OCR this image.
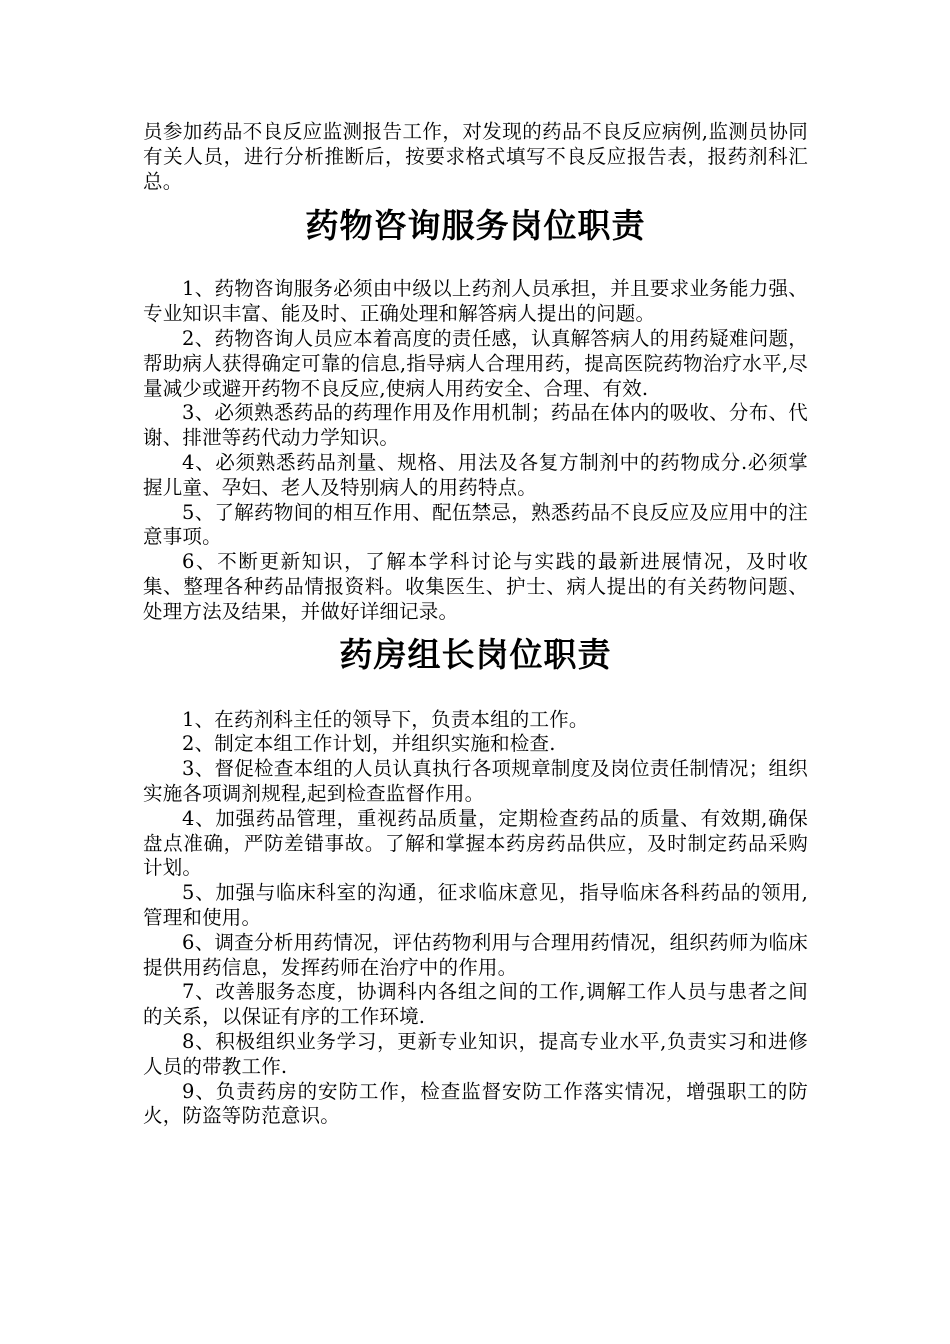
员参加药品不良反应监测报告工作，对发现的药品不良反应病例,监测员协同有关人员，进行分析推断后，按要求格式填写不良反应报告表，报药剂科汇总。

药物咨询服务岗位职责

1、药物咨询服务必须由中级以上药剂人员承担，并且要求业务能力强、专业知识丰富、能及时、正确处理和解答病人提出的问题。

2、药物咨询人员应本着高度的责任感，认真解答病人的用药疑难问题，帮助病人获得确定可靠的信息,指导病人合理用药，提高医院药物治疗水平,尽量减少或避开药物不良反应,使病人用药安全、合理、有效.

3、必须熟悉药品的药理作用及作用机制；药品在体内的吸收、分布、代谢、排泄等药代动力学知识。

4、必须熟悉药品剂量、规格、用法及各复方制剂中的药物成分.必须掌握儿童、孕妇、老人及特别病人的用药特点。

5、了解药物间的相互作用、配伍禁忌，熟悉药品不良反应及应用中的注意事项。

6、不断更新知识，了解本学科讨论与实践的最新进展情况，及时收 集、整理各种药品情报资料。收集医生、护士、病人提出的有关药物问题、处理方法及结果，并做好详细记录。

药房组长岗位职责

1、在药剂科主任的领导下，负责本组的工作。

2、制定本组工作计划，并组织实施和检查.

3、督促检查本组的人员认真执行各项规章制度及岗位责任制情况；组织实施各项调剂规程,起到检查监督作用。

4、加强药品管理，重视药品质量，定期检查药品的质量、有效期,确保盘点准确，严防差错事故。了解和掌握本药房药品供应，及时制定药品采购计划。

5、加强与临床科室的沟通，征求临床意见，指导临床各科药品的领用,管理和使用。

6、调查分析用药情况，评估药物利用与合理用药情况，组织药师为临床提供用药信息，发挥药师在治疗中的作用。

7、改善服务态度，协调科内各组之间的工作,调解工作人员与患者之间的关系，以保证有序的工作环境.

8、积极组织业务学习，更新专业知识，提高专业水平,负责实习和进修人员的带教工作.

9、负责药房的安防工作，检查监督安防工作落实情况，增强职工的防火，防盗等防范意识。
